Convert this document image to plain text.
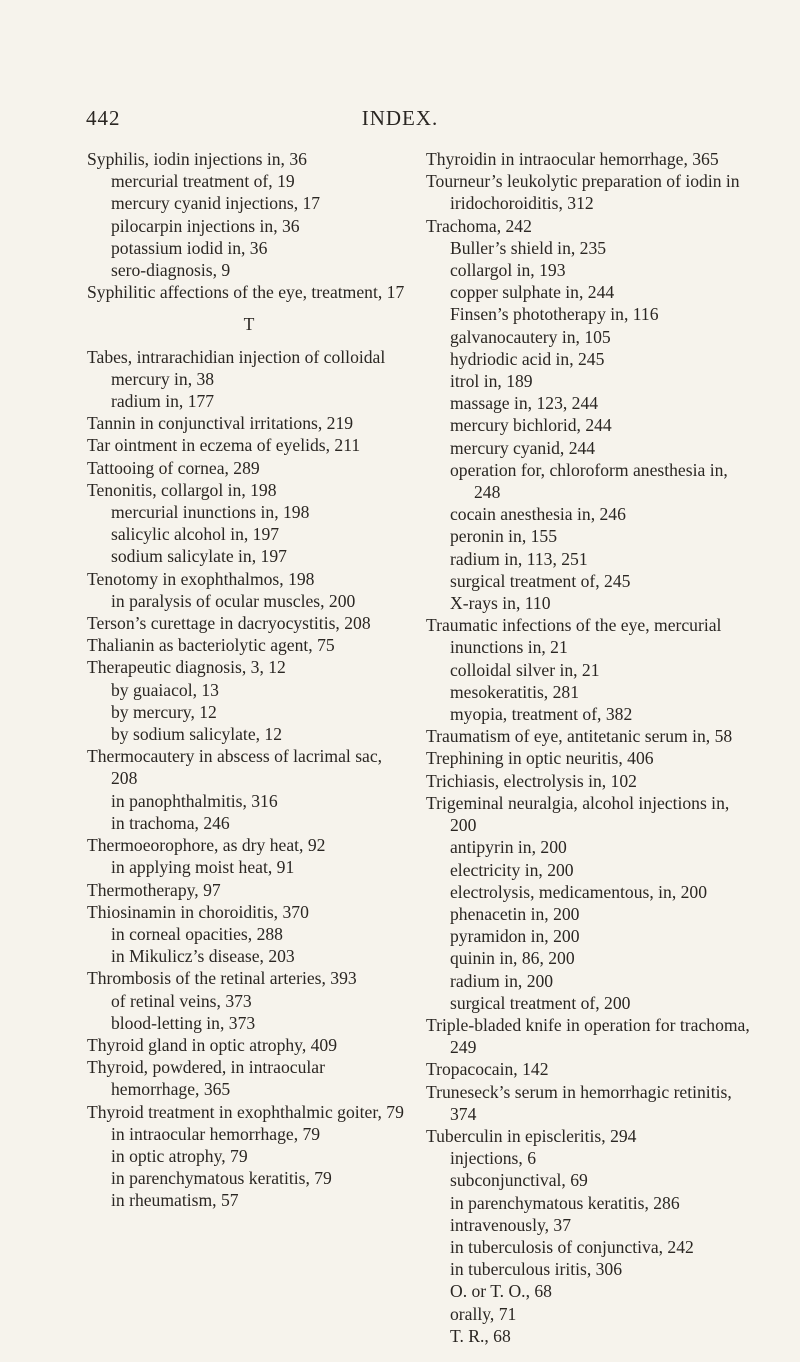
442	INDEX.
Syphilis, iodin injections in, 36
mercurial treatment of, 19
mercury cyanid injections, 17
pilocarpin injections in, 36
potassium iodid in, 36
sero-diagnosis, 9
Syphilitic affections of the eye, treatment, 17
T
Tabes, intrarachidian injection of colloidal mercury in, 38
radium in, 177
Tannin in conjunctival irritations, 219
Tar ointment in eczema of eyelids, 211
Tattooing of cornea, 289
Tenonitis, collargol in, 198
mercurial inunctions in, 198
salicylic alcohol in, 197
sodium salicylate in, 197
Tenotomy in exophthalmos, 198
in paralysis of ocular muscles, 200
Terson’s curettage in dacryocystitis, 208
Thalianin as bacteriolytic agent, 75
Therapeutic diagnosis, 3, 12
by guaiacol, 13
by mercury, 12
by sodium salicylate, 12
Thermocautery in abscess of lacrimal sac, 208
in panophthalmitis, 316
in trachoma, 246
Thermoeorophore, as dry heat, 92
in applying moist heat, 91
Thermotherapy, 97
Thiosinamin in choroiditis, 370
in corneal opacities, 288
in Mikulicz’s disease, 203
Thrombosis of the retinal arteries, 393
of retinal veins, 373
blood-letting in, 373
Thyroid gland in optic atrophy, 409
Thyroid, powdered, in intraocular hemorrhage, 365
Thyroid treatment in exophthalmic goiter, 79
in intraocular hemorrhage, 79
in optic atrophy, 79
in parenchymatous keratitis, 79
in rheumatism, 57
Thyroidin in intraocular hemorrhage, 365
Tourneur’s leukolytic preparation of iodin in iridochoroiditis, 312
Trachoma, 242
Buller’s shield in, 235
collargol in, 193
copper sulphate in, 244
Finsen’s phototherapy in, 116
galvanocautery in, 105
hydriodic acid in, 245
itrol in, 189
massage in, 123, 244
mercury bichlorid, 244
mercury cyanid, 244
operation for, chloroform anesthesia in, 248
cocain anesthesia in, 246
peronin in, 155
radium in, 113, 251
surgical treatment of, 245
X-rays in, 110
Traumatic infections of the eye, mercurial inunctions in, 21
colloidal silver in, 21
mesokeratitis, 281
myopia, treatment of, 382
Traumatism of eye, antitetanic serum in, 58
Trephining in optic neuritis, 406
Trichiasis, electrolysis in, 102
Trigeminal neuralgia, alcohol injections in, 200
antipyrin in, 200
electricity in, 200
electrolysis, medicamentous, in, 200
phenacetin in, 200
pyramidon in, 200
quinin in, 86, 200
radium in, 200
surgical treatment of, 200
Triple-bladed knife in operation for trachoma, 249
Tropacocain, 142
Truneseck’s serum in hemorrhagic retinitis, 374
Tuberculin in episcleritis, 294
injections, 6
subconjunctival, 69
in parenchymatous keratitis, 286
intravenously, 37
in tuberculosis of conjunctiva, 242
in tuberculous iritis, 306
O. or T. O., 68
orally, 71
T. R., 68
